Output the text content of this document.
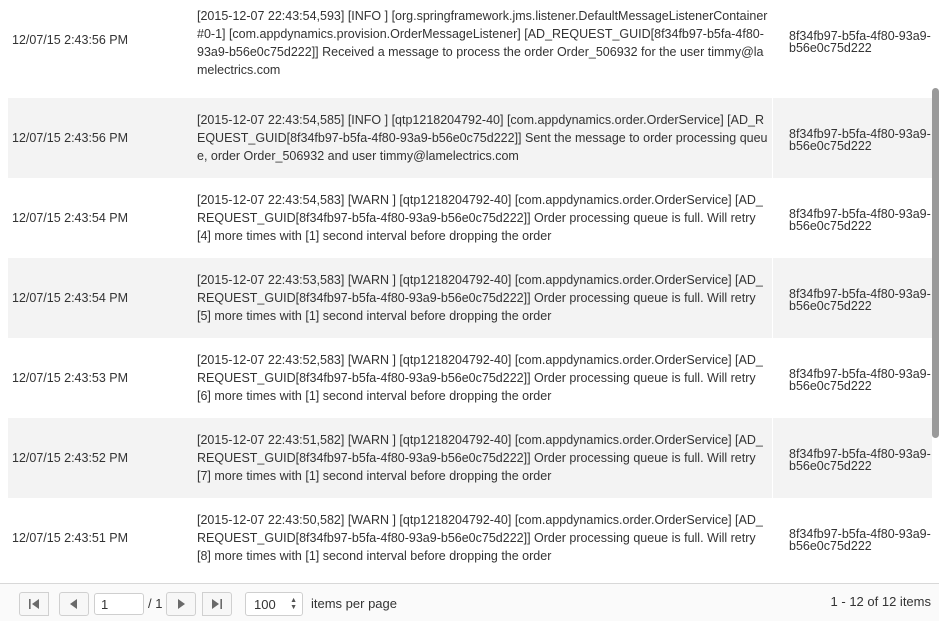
12/07/15 2:43:56 PM
[2015-12-07 22:43:54,593] [INFO ] [org.springframework.jms.listener.DefaultMessageListenerContainer#0-1] [com.appdynamics.provision.OrderMessageListener] [AD_REQUEST_GUID[8f34fb97-b5fa-4f80-93a9-b56e0c75d222]] Received a message to process the order Order_506932 for the user timmy@lamelectrics.com
8f34fb97-b5fa-4f80-93a9-b56e0c75d222
12/07/15 2:43:56 PM
[2015-12-07 22:43:54,585] [INFO ] [qtp1218204792-40] [com.appdynamics.order.OrderService] [AD_REQUEST_GUID[8f34fb97-b5fa-4f80-93a9-b56e0c75d222]] Sent the message to order processing queue, order Order_506932 and user timmy@lamelectrics.com
8f34fb97-b5fa-4f80-93a9-b56e0c75d222
12/07/15 2:43:54 PM
[2015-12-07 22:43:54,583] [WARN ] [qtp1218204792-40] [com.appdynamics.order.OrderService] [AD_REQUEST_GUID[8f34fb97-b5fa-4f80-93a9-b56e0c75d222]] Order processing queue is full. Will retry [4] more times with [1] second interval before dropping the order
8f34fb97-b5fa-4f80-93a9-b56e0c75d222
12/07/15 2:43:54 PM
[2015-12-07 22:43:53,583] [WARN ] [qtp1218204792-40] [com.appdynamics.order.OrderService] [AD_REQUEST_GUID[8f34fb97-b5fa-4f80-93a9-b56e0c75d222]] Order processing queue is full. Will retry [5] more times with [1] second interval before dropping the order
8f34fb97-b5fa-4f80-93a9-b56e0c75d222
12/07/15 2:43:53 PM
[2015-12-07 22:43:52,583] [WARN ] [qtp1218204792-40] [com.appdynamics.order.OrderService] [AD_REQUEST_GUID[8f34fb97-b5fa-4f80-93a9-b56e0c75d222]] Order processing queue is full. Will retry [6] more times with [1] second interval before dropping the order
8f34fb97-b5fa-4f80-93a9-b56e0c75d222
12/07/15 2:43:52 PM
[2015-12-07 22:43:51,582] [WARN ] [qtp1218204792-40] [com.appdynamics.order.OrderService] [AD_REQUEST_GUID[8f34fb97-b5fa-4f80-93a9-b56e0c75d222]] Order processing queue is full. Will retry [7] more times with [1] second interval before dropping the order
8f34fb97-b5fa-4f80-93a9-b56e0c75d222
12/07/15 2:43:51 PM
[2015-12-07 22:43:50,582] [WARN ] [qtp1218204792-40] [com.appdynamics.order.OrderService] [AD_REQUEST_GUID[8f34fb97-b5fa-4f80-93a9-b56e0c75d222]] Order processing queue is full. Will retry [8] more times with [1] second interval before dropping the order
8f34fb97-b5fa-4f80-93a9-b56e0c75d222
1
/ 1	100 ▲
▼ items per page	1 - 12 of 12 items
